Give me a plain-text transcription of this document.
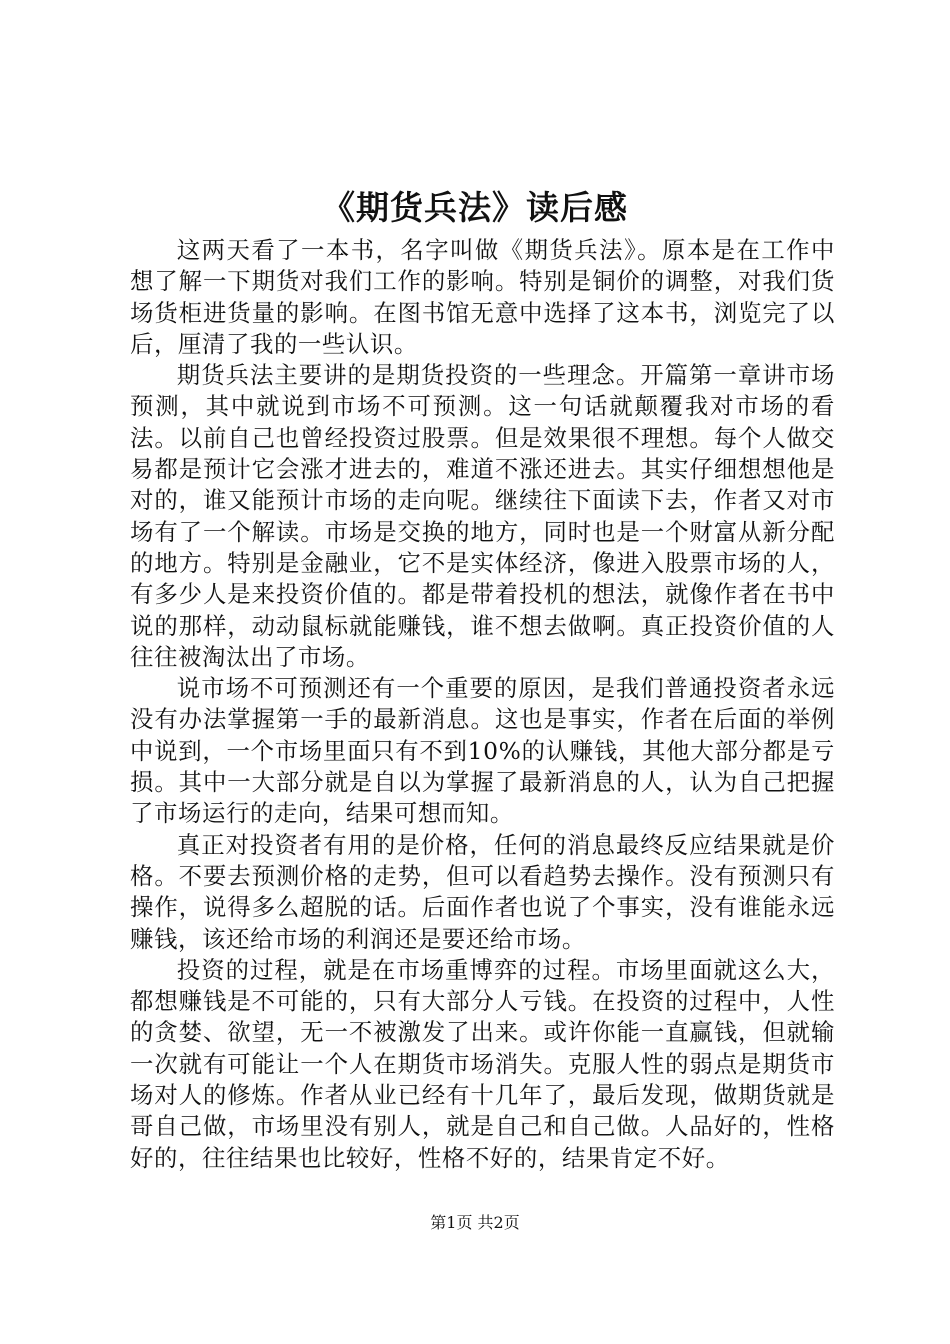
《期货兵法》读后感

这两天看了一本书，名字叫做《期货兵法》。原本是在工作中想了解一下期货对我们工作的影响。特别是铜价的调整，对我们货场货柜进货量的影响。在图书馆无意中选择了这本书，浏览完了以后，厘清了我的一些认识。

期货兵法主要讲的是期货投资的一些理念。开篇第一章讲市场预测，其中就说到市场不可预测。这一句话就颠覆我对市场的看法。以前自己也曾经投资过股票。但是效果很不理想。每个人做交易都是预计它会涨才进去的，难道不涨还进去。其实仔细想想他是对的，谁又能预计市场的走向呢。继续往下面读下去，作者又对市场有了一个解读。市场是交换的地方，同时也是一个财富从新分配的地方。特别是金融业，它不是实体经济，像进入股票市场的人，有多少人是来投资价值的。都是带着投机的想法，就像作者在书中说的那样，动动鼠标就能赚钱，谁不想去做啊。真正投资价值的人往往被淘汰出了市场。

说市场不可预测还有一个重要的原因，是我们普通投资者永远没有办法掌握第一手的最新消息。这也是事实，作者在后面的举例中说到，一个市场里面只有不到10%的认赚钱，其他大部分都是亏损。其中一大部分就是自以为掌握了最新消息的人，认为自己把握了市场运行的走向，结果可想而知。

真正对投资者有用的是价格，任何的消息最终反应结果就是价格。不要去预测价格的走势，但可以看趋势去操作。没有预测只有操作，说得多么超脱的话。后面作者也说了个事实，没有谁能永远赚钱，该还给市场的利润还是要还给市场。

投资的过程，就是在市场重博弈的过程。市场里面就这么大，都想赚钱是不可能的，只有大部分人亏钱。在投资的过程中，人性的贪婪、欲望，无一不被激发了出来。或许你能一直赢钱，但就输一次就有可能让一个人在期货市场消失。克服人性的弱点是期货市场对人的修炼。作者从业已经有十几年了，最后发现，做期货就是哥自己做，市场里没有别人，就是自己和自己做。人品好的，性格好的，往往结果也比较好，性格不好的，结果肯定不好。

第1页 共2页
